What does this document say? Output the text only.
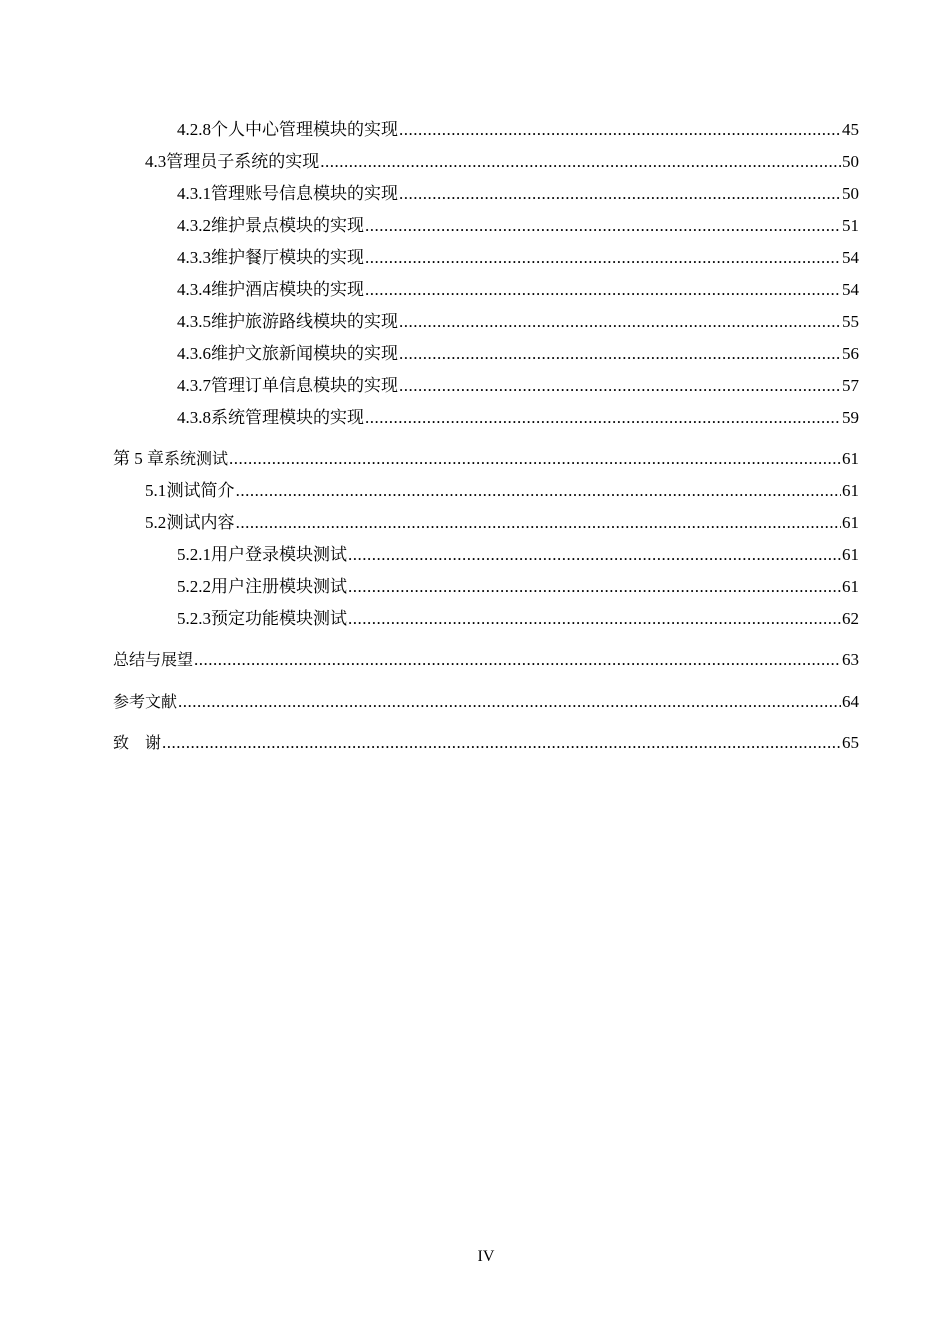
4.2.8 个人中心管理模块的实现 .....	45
4.3 管理员子系统的实现 .....	50
4.3.1 管理账号信息模块的实现 .....	50
4.3.2 维护景点模块的实现 .....	51
4.3.3 维护餐厅模块的实现 .....	54
4.3.4 维护酒店模块的实现 .....	54
4.3.5 维护旅游路线模块的实现 .....	55
4.3.6 维护文旅新闻模块的实现 .....	56
4.3.7 管理订单信息模块的实现 .....	57
4.3.8 系统管理模块的实现 .....	59
第 5 章 系统测试 .....	61
5.1 测试简介 .....	61
5.2 测试内容 .....	61
5.2.1 用户登录模块测试 .....	61
5.2.2 用户注册模块测试 .....	61
5.2.3 预定功能模块测试 .....	62
总结与展望 .....	63
参考文献 .....	64
致　谢 .....	65
IV
